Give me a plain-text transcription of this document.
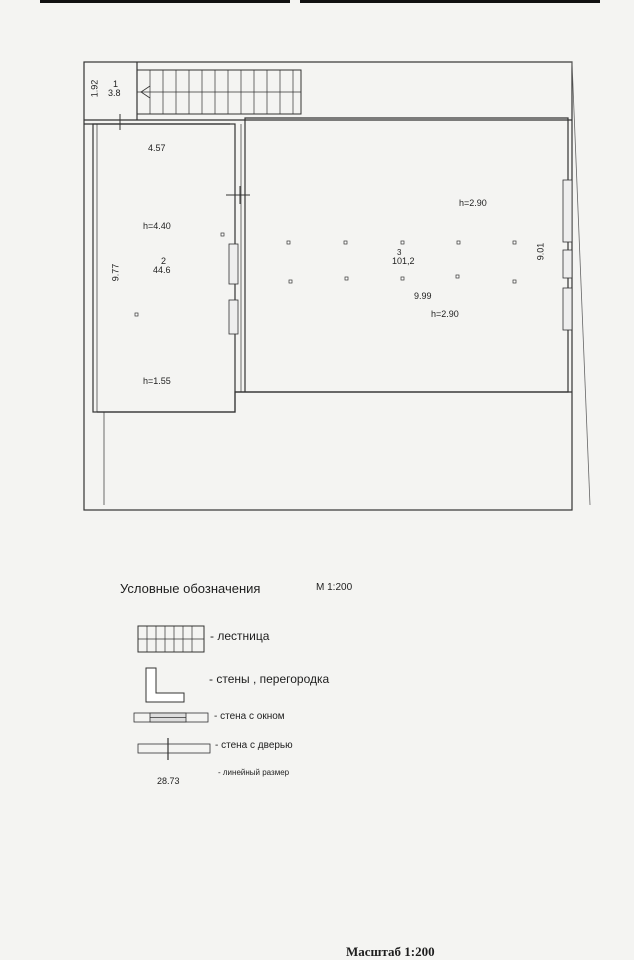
1.92 1
3.8
4.57
h=4.40
2
44.6
9.77
h=1.55
h=2.90
3
101,2
9.01
9.99
h=2.90
Условные обозначения	М 1:200
- лестница
- стены , перегородка
- стена с окном
- стена с дверью
28.73
- линейный размер
Масштаб 1:200
